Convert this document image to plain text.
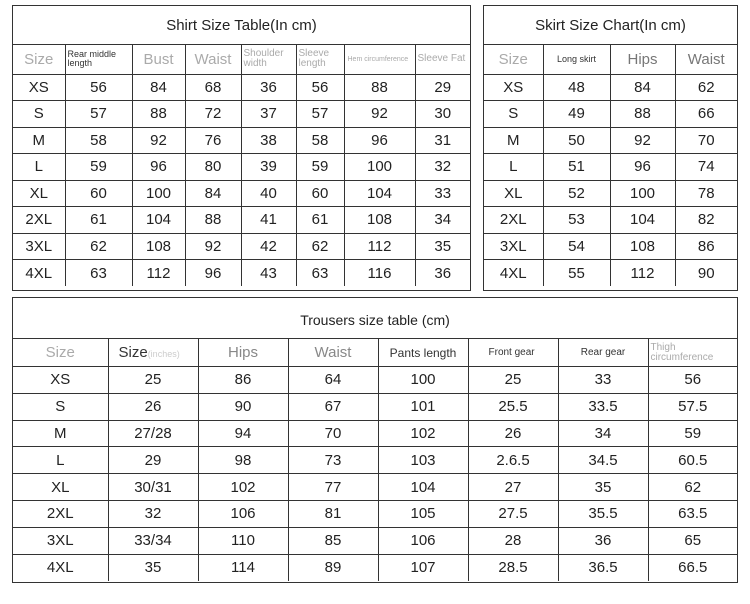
Shirt Size Table(In cm)
Size	Rear middle length	Bust	Waist	Shoulder width	Sleeve length	Hem circumference	Sleeve Fat
XS	56	84	68	36	56	88	29
S	57	88	72	37	57	92	30
M	58	92	76	38	58	96	31
L	59	96	80	39	59	100	32
XL	60	100	84	40	60	104	33
2XL	61	104	88	41	61	108	34
3XL	62	108	92	42	62	112	35
4XL	63	112	96	43	63	116	36
Skirt Size Chart(In cm)
Size	Long skirt	Hips	Waist
XS	48	84	62
S	49	88	66
M	50	92	70
L	51	96	74
XL	52	100	78
2XL	53	104	82
3XL	54	108	86
4XL	55	112	90
Trousers size table (cm)
Size	Size(inches)	Hips	Waist	Pants length	Front gear	Rear gear	Thigh circumference
XS	25	86	64	100	25	33	56
S	26	90	67	101	25.5	33.5	57.5
M	27/28	94	70	102	26	34	59
L	29	98	73	103	2.6.5	34.5	60.5
XL	30/31	102	77	104	27	35	62
2XL	32	106	81	105	27.5	35.5	63.5
3XL	33/34	110	85	106	28	36	65
4XL	35	114	89	107	28.5	36.5	66.5
